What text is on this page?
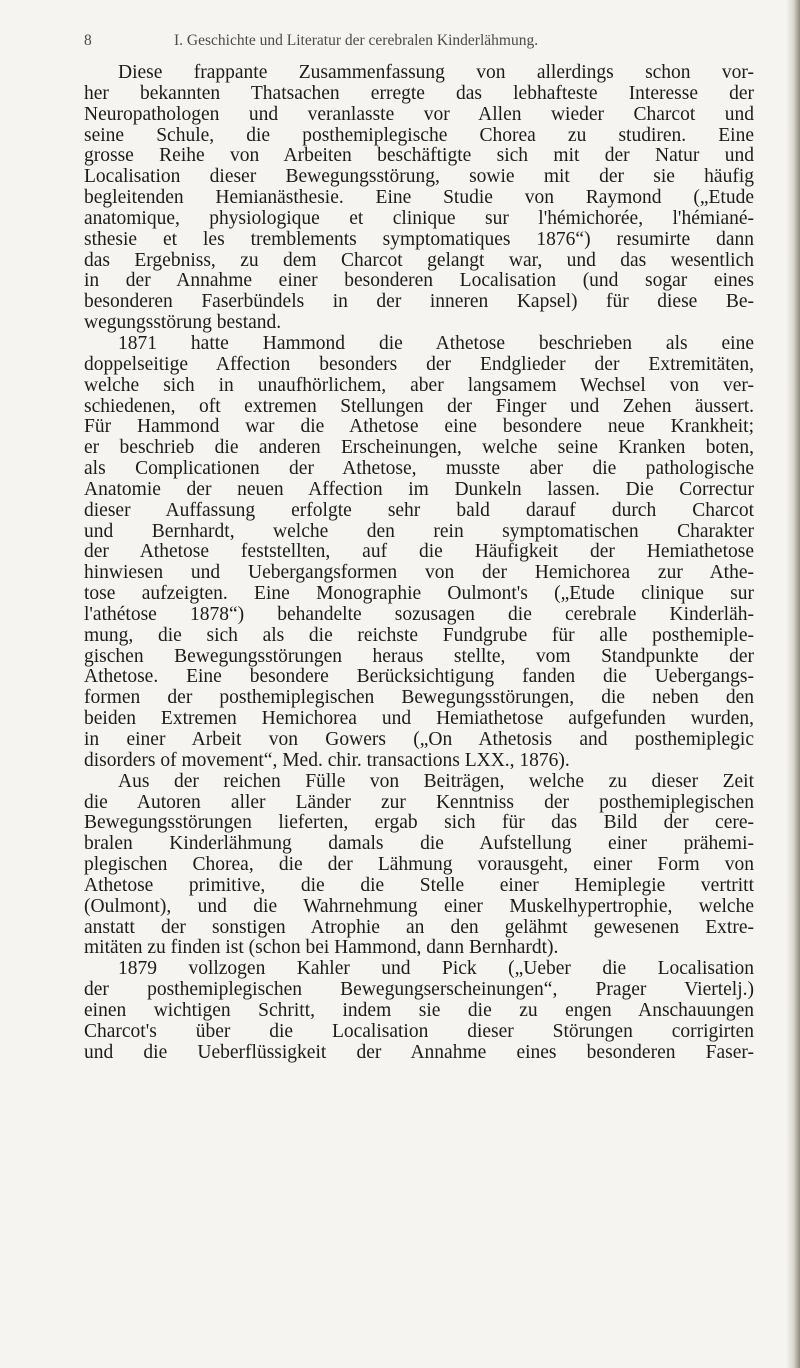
8	I. Geschichte und Literatur der cerebralen Kinderlähmung.
Diese frappante Zusammenfassung von allerdings schon vor-
her bekannten Thatsachen erregte das lebhafteste Interesse der
Neuropathologen und veranlasste vor Allen wieder Charcot und
seine Schule, die posthemiplegische Chorea zu studiren. Eine
grosse Reihe von Arbeiten beschäftigte sich mit der Natur und
Localisation dieser Bewegungsstörung, sowie mit der sie häufig
begleitenden Hemianästhesie. Eine Studie von Raymond („Etude
anatomique, physiologique et clinique sur l'hémichorée, l'hémiané-
sthesie et les tremblements symptomatiques 1876“) resumirte dann
das Ergebniss, zu dem Charcot gelangt war, und das wesentlich
in der Annahme einer besonderen Localisation (und sogar eines
besonderen Faserbündels in der inneren Kapsel) für diese Be-
wegungsstörung bestand.
1871 hatte Hammond die Athetose beschrieben als eine
doppelseitige Affection besonders der Endglieder der Extremitäten,
welche sich in unaufhörlichem, aber langsamem Wechsel von ver-
schiedenen, oft extremen Stellungen der Finger und Zehen äussert.
Für Hammond war die Athetose eine besondere neue Krankheit;
er beschrieb die anderen Erscheinungen, welche seine Kranken boten,
als Complicationen der Athetose, musste aber die pathologische
Anatomie der neuen Affection im Dunkeln lassen. Die Correctur
dieser Auffassung erfolgte sehr bald darauf durch Charcot
und Bernhardt, welche den rein symptomatischen Charakter
der Athetose feststellten, auf die Häufigkeit der Hemiathetose
hinwiesen und Uebergangsformen von der Hemichorea zur Athe-
tose aufzeigten. Eine Monographie Oulmont's („Etude clinique sur
l'athétose 1878“) behandelte sozusagen die cerebrale Kinderläh-
mung, die sich als die reichste Fundgrube für alle posthemiple-
gischen Bewegungsstörungen heraus stellte, vom Standpunkte der
Athetose. Eine besondere Berücksichtigung fanden die Uebergangs-
formen der posthemiplegischen Bewegungsstörungen, die neben den
beiden Extremen Hemichorea und Hemiathetose aufgefunden wurden,
in einer Arbeit von Gowers („On Athetosis and posthemiplegic
disorders of movement“, Med. chir. transactions LXX., 1876).
Aus der reichen Fülle von Beiträgen, welche zu dieser Zeit
die Autoren aller Länder zur Kenntniss der posthemiplegischen
Bewegungsstörungen lieferten, ergab sich für das Bild der cere-
bralen Kinderlähmung damals die Aufstellung einer prähemi-
plegischen Chorea, die der Lähmung vorausgeht, einer Form von
Athetose primitive, die die Stelle einer Hemiplegie vertritt
(Oulmont), und die Wahrnehmung einer Muskelhypertrophie, welche
anstatt der sonstigen Atrophie an den gelähmt gewesenen Extre-
mitäten zu finden ist (schon bei Hammond, dann Bernhardt).
1879 vollzogen Kahler und Pick („Ueber die Localisation
der posthemiplegischen Bewegungserscheinungen“, Prager Viertelj.)
einen wichtigen Schritt, indem sie die zu engen Anschauungen
Charcot's über die Localisation dieser Störungen corrigirten
und die Ueberflüssigkeit der Annahme eines besonderen Faser-
